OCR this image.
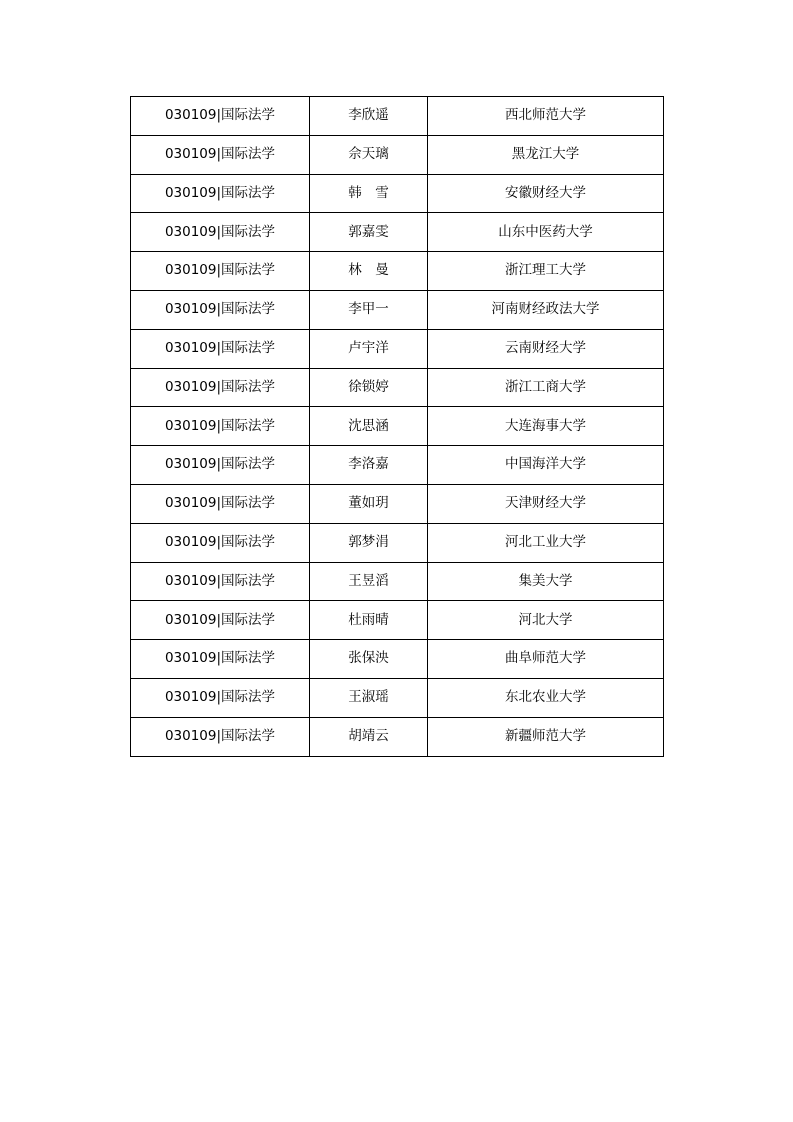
030109|国际法学	李欣遥	西北师范大学
030109|国际法学	佘天璃	黑龙江大学
030109|国际法学	韩　雪	安徽财经大学
030109|国际法学	郭嘉雯	山东中医药大学
030109|国际法学	林　曼	浙江理工大学
030109|国际法学	李甲一	河南财经政法大学
030109|国际法学	卢宇洋	云南财经大学
030109|国际法学	徐锁婷	浙江工商大学
030109|国际法学	沈思涵	大连海事大学
030109|国际法学	李洛嘉	中国海洋大学
030109|国际法学	董如玥	天津财经大学
030109|国际法学	郭梦涓	河北工业大学
030109|国际法学	王昱滔	集美大学
030109|国际法学	杜雨晴	河北大学
030109|国际法学	张保泱	曲阜师范大学
030109|国际法学	王淑瑶	东北农业大学
030109|国际法学	胡靖云	新疆师范大学
